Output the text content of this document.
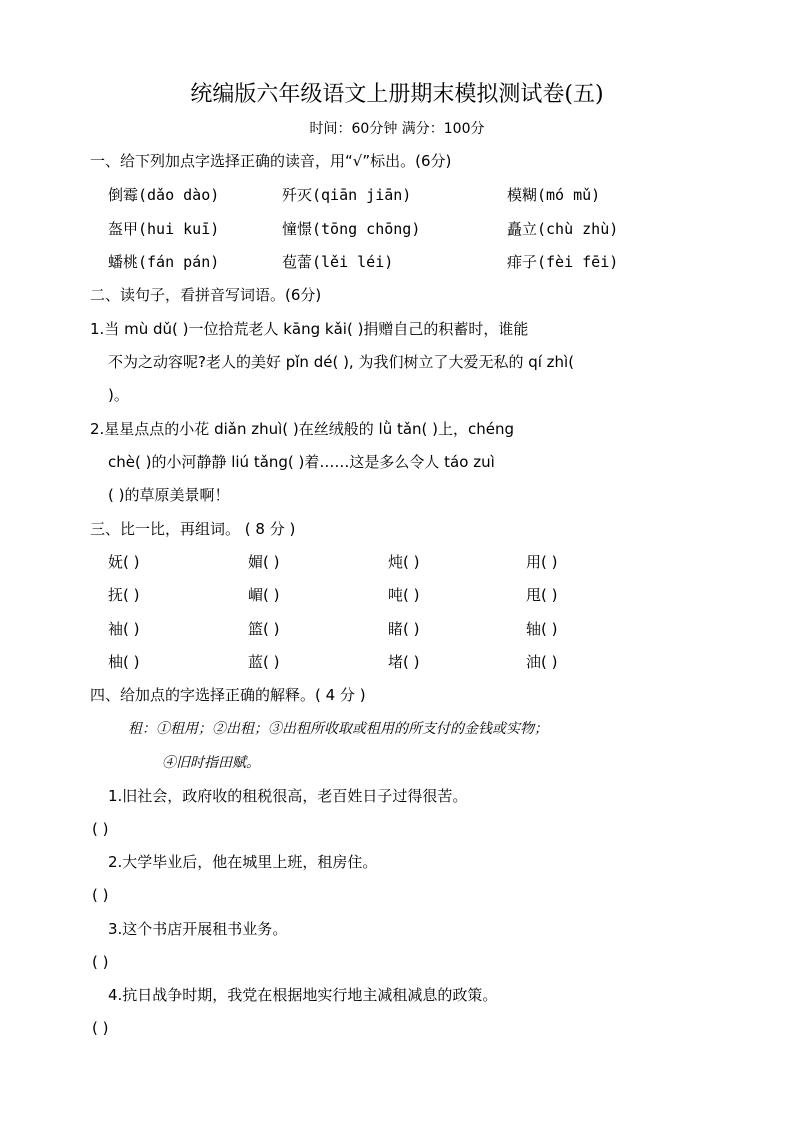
统编版六年级语文上册期末模拟测试卷(五)
时间：60分钟 满分：100分
一、给下列加点字选择正确的读音，用“√”标出。(6分)
倒霉(dǎo dào)	歼灭(qiān jiān)	模糊(mó mǔ)
盔甲(hui kuī)	憧憬(tōng chōng)	矗立(chù zhù)
蟠桃(fán pán)	苞蕾(lěi léi)	痱子(fèi fēi)
二、读句子，看拼音写词语。(6分)
1.当 mù dǔ( )一位拾荒老人 kāng kǎi( )捐赠自己的积蓄时，谁能
不为之动容呢?老人的美好 pǐn dé( ), 为我们树立了大爱无私的 qí zhì(
)。
2.星星点点的小花 diǎn zhuì( )在丝绒般的 lǜ tǎn( )上，chéng
chè( )的小河静静 liú tǎng( )着……这是多么令人 táo zuì
( )的草原美景啊！
三、比一比，再组词。 ( 8 分 )
妩( )	媚( )	炖( )	用( )
抚( )	嵋( )	吨( )	甩( )
袖( )	篮( )	睹( )	轴( )
柚( )	蓝( )	堵( )	油( )
四、给加点的字选择正确的解释。( 4 分 )
租：①租用；②出租；③出租所收取或租用的所支付的金钱或实物；
④旧时指田赋。
1.旧社会，政府收的租税很高，老百姓日子过得很苦。
( )
2.大学毕业后，他在城里上班，租房住。
( )
3.这个书店开展租书业务。
( )
4.抗日战争时期，我党在根据地实行地主减租减息的政策。
( )
